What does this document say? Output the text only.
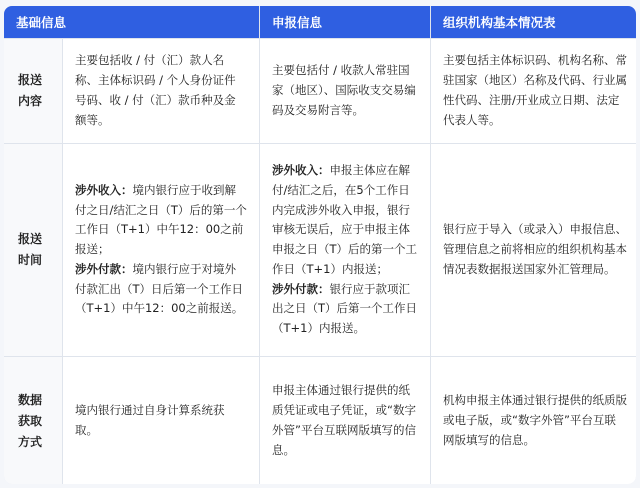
基础信息	申报信息	组织机构基本情况表
报送内容
主要包括收 / 付（汇）款人名称、主体标识码 / 个人身份证件号码、收 / 付（汇）款币种及金额等。
主要包括付 / 收款人常驻国家（地区）、国际收支交易编码及交易附言等。
主要包括主体标识码、机构名称、常驻国家（地区）名称及代码、行业属性代码、注册/开业成立日期、法定代表人等。
报送时间
涉外收入：境内银行应于收到解付之日/结汇之日（T）后的第一个工作日（T+1）中午12：00之前报送；
涉外付款：境内银行应于对境外付款汇出（T）日后第一个工作日（T+1）中午12：00之前报送。
涉外收入：申报主体应在解付/结汇之后，在5个工作日内完成涉外收入申报，银行审核无误后，应于申报主体申报之日（T）后的第一个工作日（T+1）内报送；
涉外付款：银行应于款项汇出之日（T）后第一个工作日（T+1）内报送。
银行应于导入（或录入）申报信息、管理信息之前将相应的组织机构基本情况表数据报送国家外汇管理局。
数据获取方式
境内银行通过自身计算系统获取。
申报主体通过银行提供的纸质凭证或电子凭证，或“数字外管”平台互联网版填写的信息。
机构申报主体通过银行提供的纸质版或电子版，或“数字外管”平台互联网版填写的信息。
